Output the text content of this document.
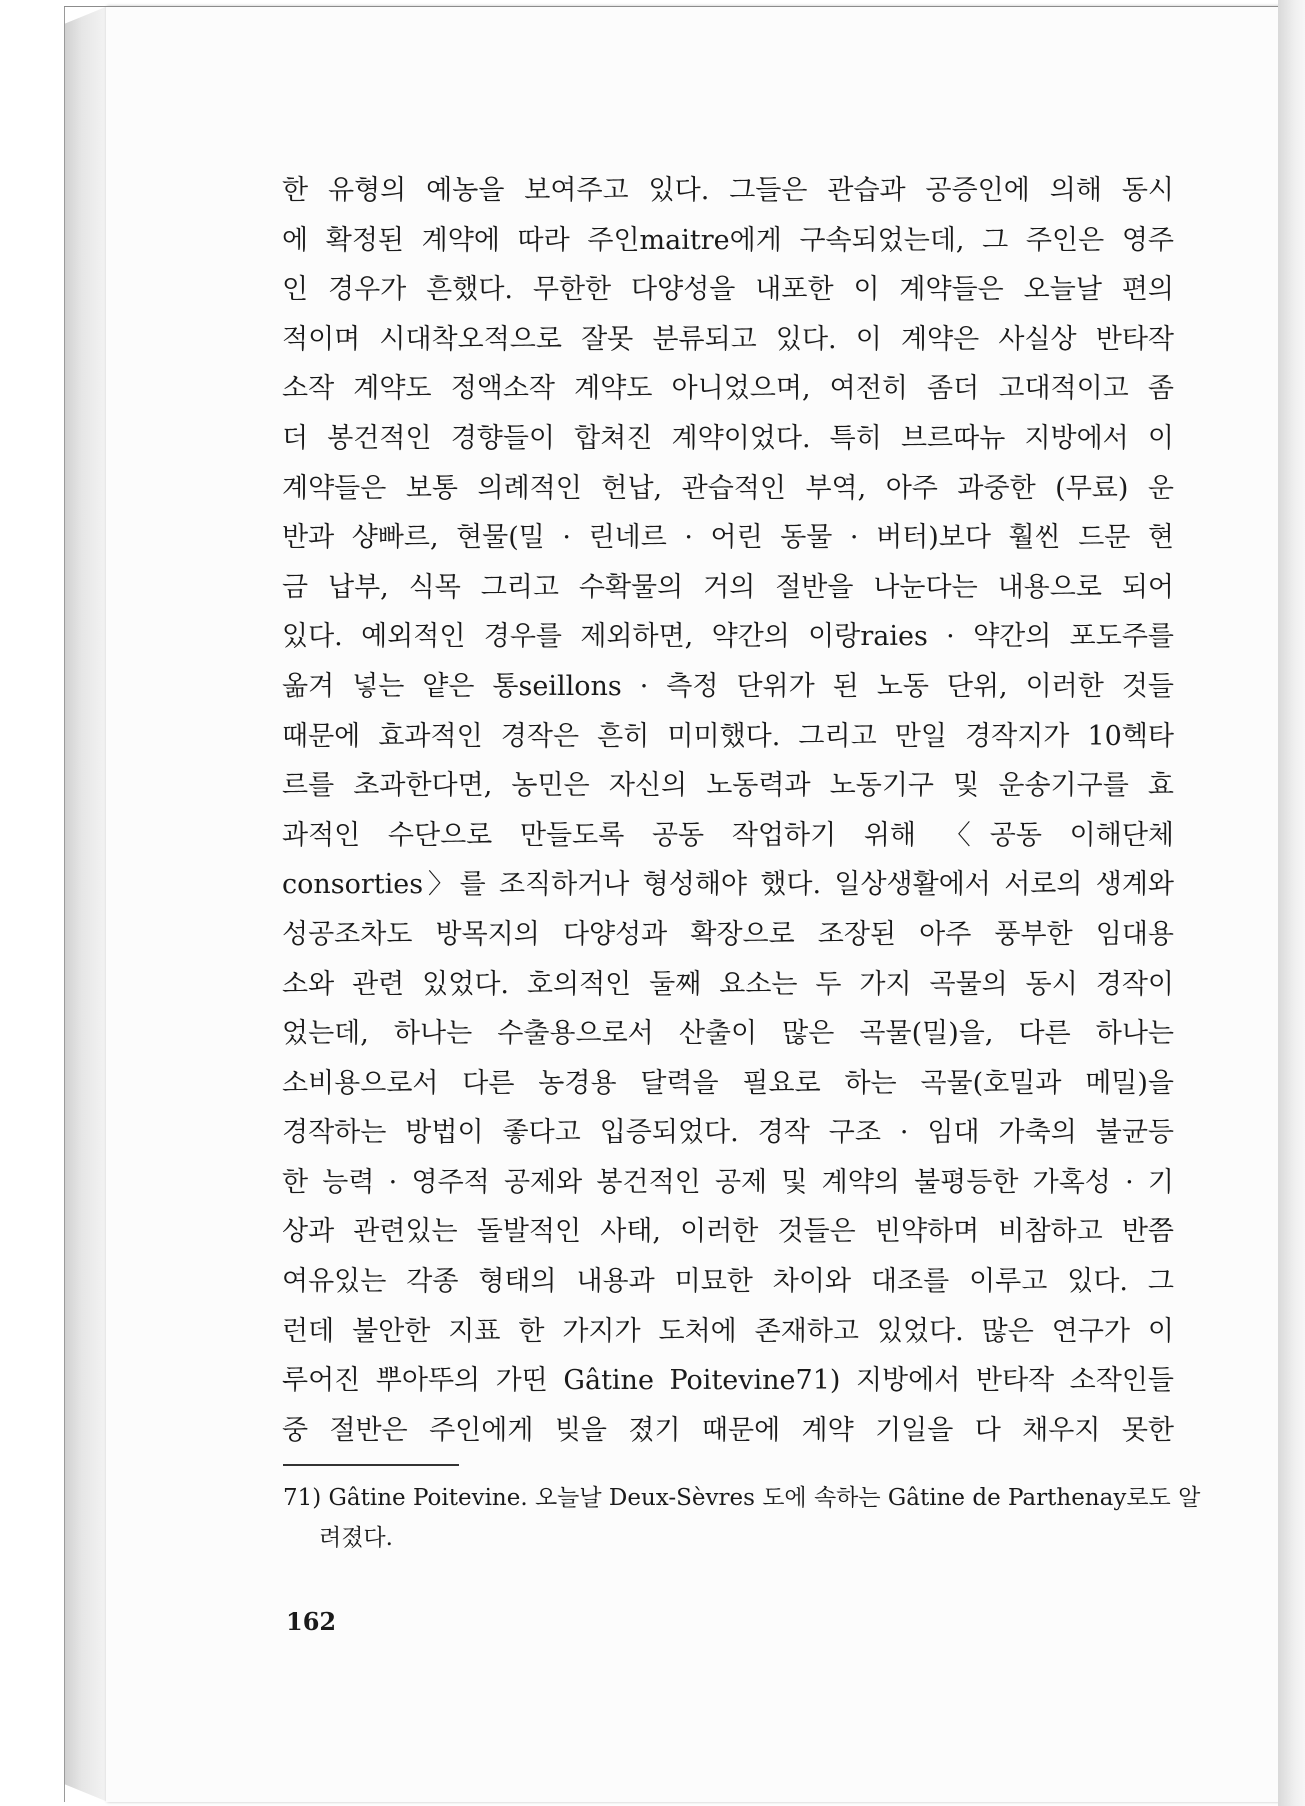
한 유형의 예농을 보여주고 있다. 그들은 관습과 공증인에 의해 동시
에 확정된 계약에 따라 주인maitre에게 구속되었는데, 그 주인은 영주
인 경우가 흔했다. 무한한 다양성을 내포한 이 계약들은 오늘날 편의
적이며 시대착오적으로 잘못 분류되고 있다. 이 계약은 사실상 반타작
소작 계약도 정액소작 계약도 아니었으며, 여전히 좀더 고대적이고 좀
더 봉건적인 경향들이 합쳐진 계약이었다. 특히 브르따뉴 지방에서 이
계약들은 보통 의례적인 헌납, 관습적인 부역, 아주 과중한 (무료) 운
반과 샹빠르, 현물(밀 · 린네르 · 어린 동물 · 버터)보다 훨씬 드문 현
금 납부, 식목 그리고 수확물의 거의 절반을 나눈다는 내용으로 되어
있다. 예외적인 경우를 제외하면, 약간의 이랑raies · 약간의 포도주를
옮겨 넣는 얕은 통seillons · 측정 단위가 된 노동 단위, 이러한 것들
때문에 효과적인 경작은 흔히 미미했다. 그리고 만일 경작지가 10헥타
르를 초과한다면, 농민은 자신의 노동력과 노동기구 및 운송기구를 효
과적인 수단으로 만들도록 공동 작업하기 위해 〈공동 이해단체
consorties〉를 조직하거나 형성해야 했다. 일상생활에서 서로의 생계와
성공조차도 방목지의 다양성과 확장으로 조장된 아주 풍부한 임대용
소와 관련 있었다. 호의적인 둘째 요소는 두 가지 곡물의 동시 경작이
었는데, 하나는 수출용으로서 산출이 많은 곡물(밀)을, 다른 하나는
소비용으로서 다른 농경용 달력을 필요로 하는 곡물(호밀과 메밀)을
경작하는 방법이 좋다고 입증되었다. 경작 구조 · 임대 가축의 불균등
한 능력 · 영주적 공제와 봉건적인 공제 및 계약의 불평등한 가혹성 · 기
상과 관련있는 돌발적인 사태, 이러한 것들은 빈약하며 비참하고 반쯤
여유있는 각종 형태의 내용과 미묘한 차이와 대조를 이루고 있다. 그
런데 불안한 지표 한 가지가 도처에 존재하고 있었다. 많은 연구가 이
루어진 뿌아뚜의 가띤 Gâtine Poitevine71) 지방에서 반타작 소작인들
중 절반은 주인에게 빚을 졌기 때문에 계약 기일을 다 채우지 못한
71) Gâtine Poitevine. 오늘날 Deux-Sèvres 도에 속하는 Gâtine de Parthenay로도 알
려졌다.
162
